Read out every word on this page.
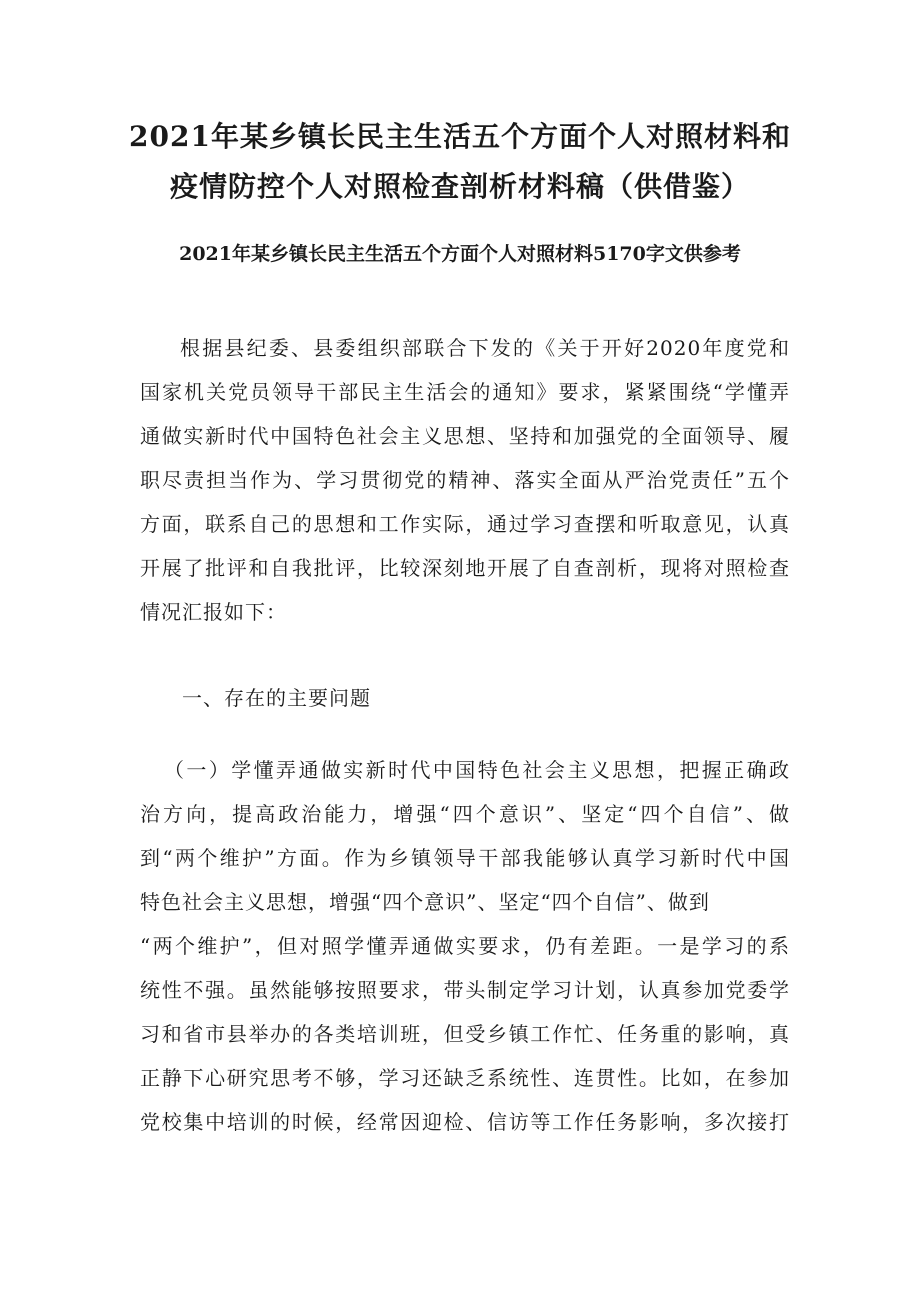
2021年某乡镇长民主生活五个方面个人对照材料和
疫情防控个人对照检查剖析材料稿（供借鉴）
2021年某乡镇长民主生活五个方面个人对照材料5170字文供参考
根据县纪委、县委组织部联合下发的《关于开好2020年度党和
国家机关党员领导干部民主生活会的通知》要求，紧紧围绕“学懂弄
通做实新时代中国特色社会主义思想、坚持和加强党的全面领导、履
职尽责担当作为、学习贯彻党的精神、落实全面从严治党责任”五个
方面，联系自己的思想和工作实际，通过学习查摆和听取意见，认真
开展了批评和自我批评，比较深刻地开展了自查剖析，现将对照检查
情况汇报如下：
一、存在的主要问题
（一）学懂弄通做实新时代中国特色社会主义思想，把握正确政
治方向，提高政治能力，增强“四个意识”、坚定“四个自信”、做
到“两个维护”方面。作为乡镇领导干部我能够认真学习新时代中国
特色社会主义思想，增强“四个意识”、坚定“四个自信”、做到
“两个维护”，但对照学懂弄通做实要求，仍有差距。一是学习的系
统性不强。虽然能够按照要求，带头制定学习计划，认真参加党委学
习和省市县举办的各类培训班，但受乡镇工作忙、任务重的影响，真
正静下心研究思考不够，学习还缺乏系统性、连贯性。比如，在参加
党校集中培训的时候，经常因迎检、信访等工作任务影响，多次接打
